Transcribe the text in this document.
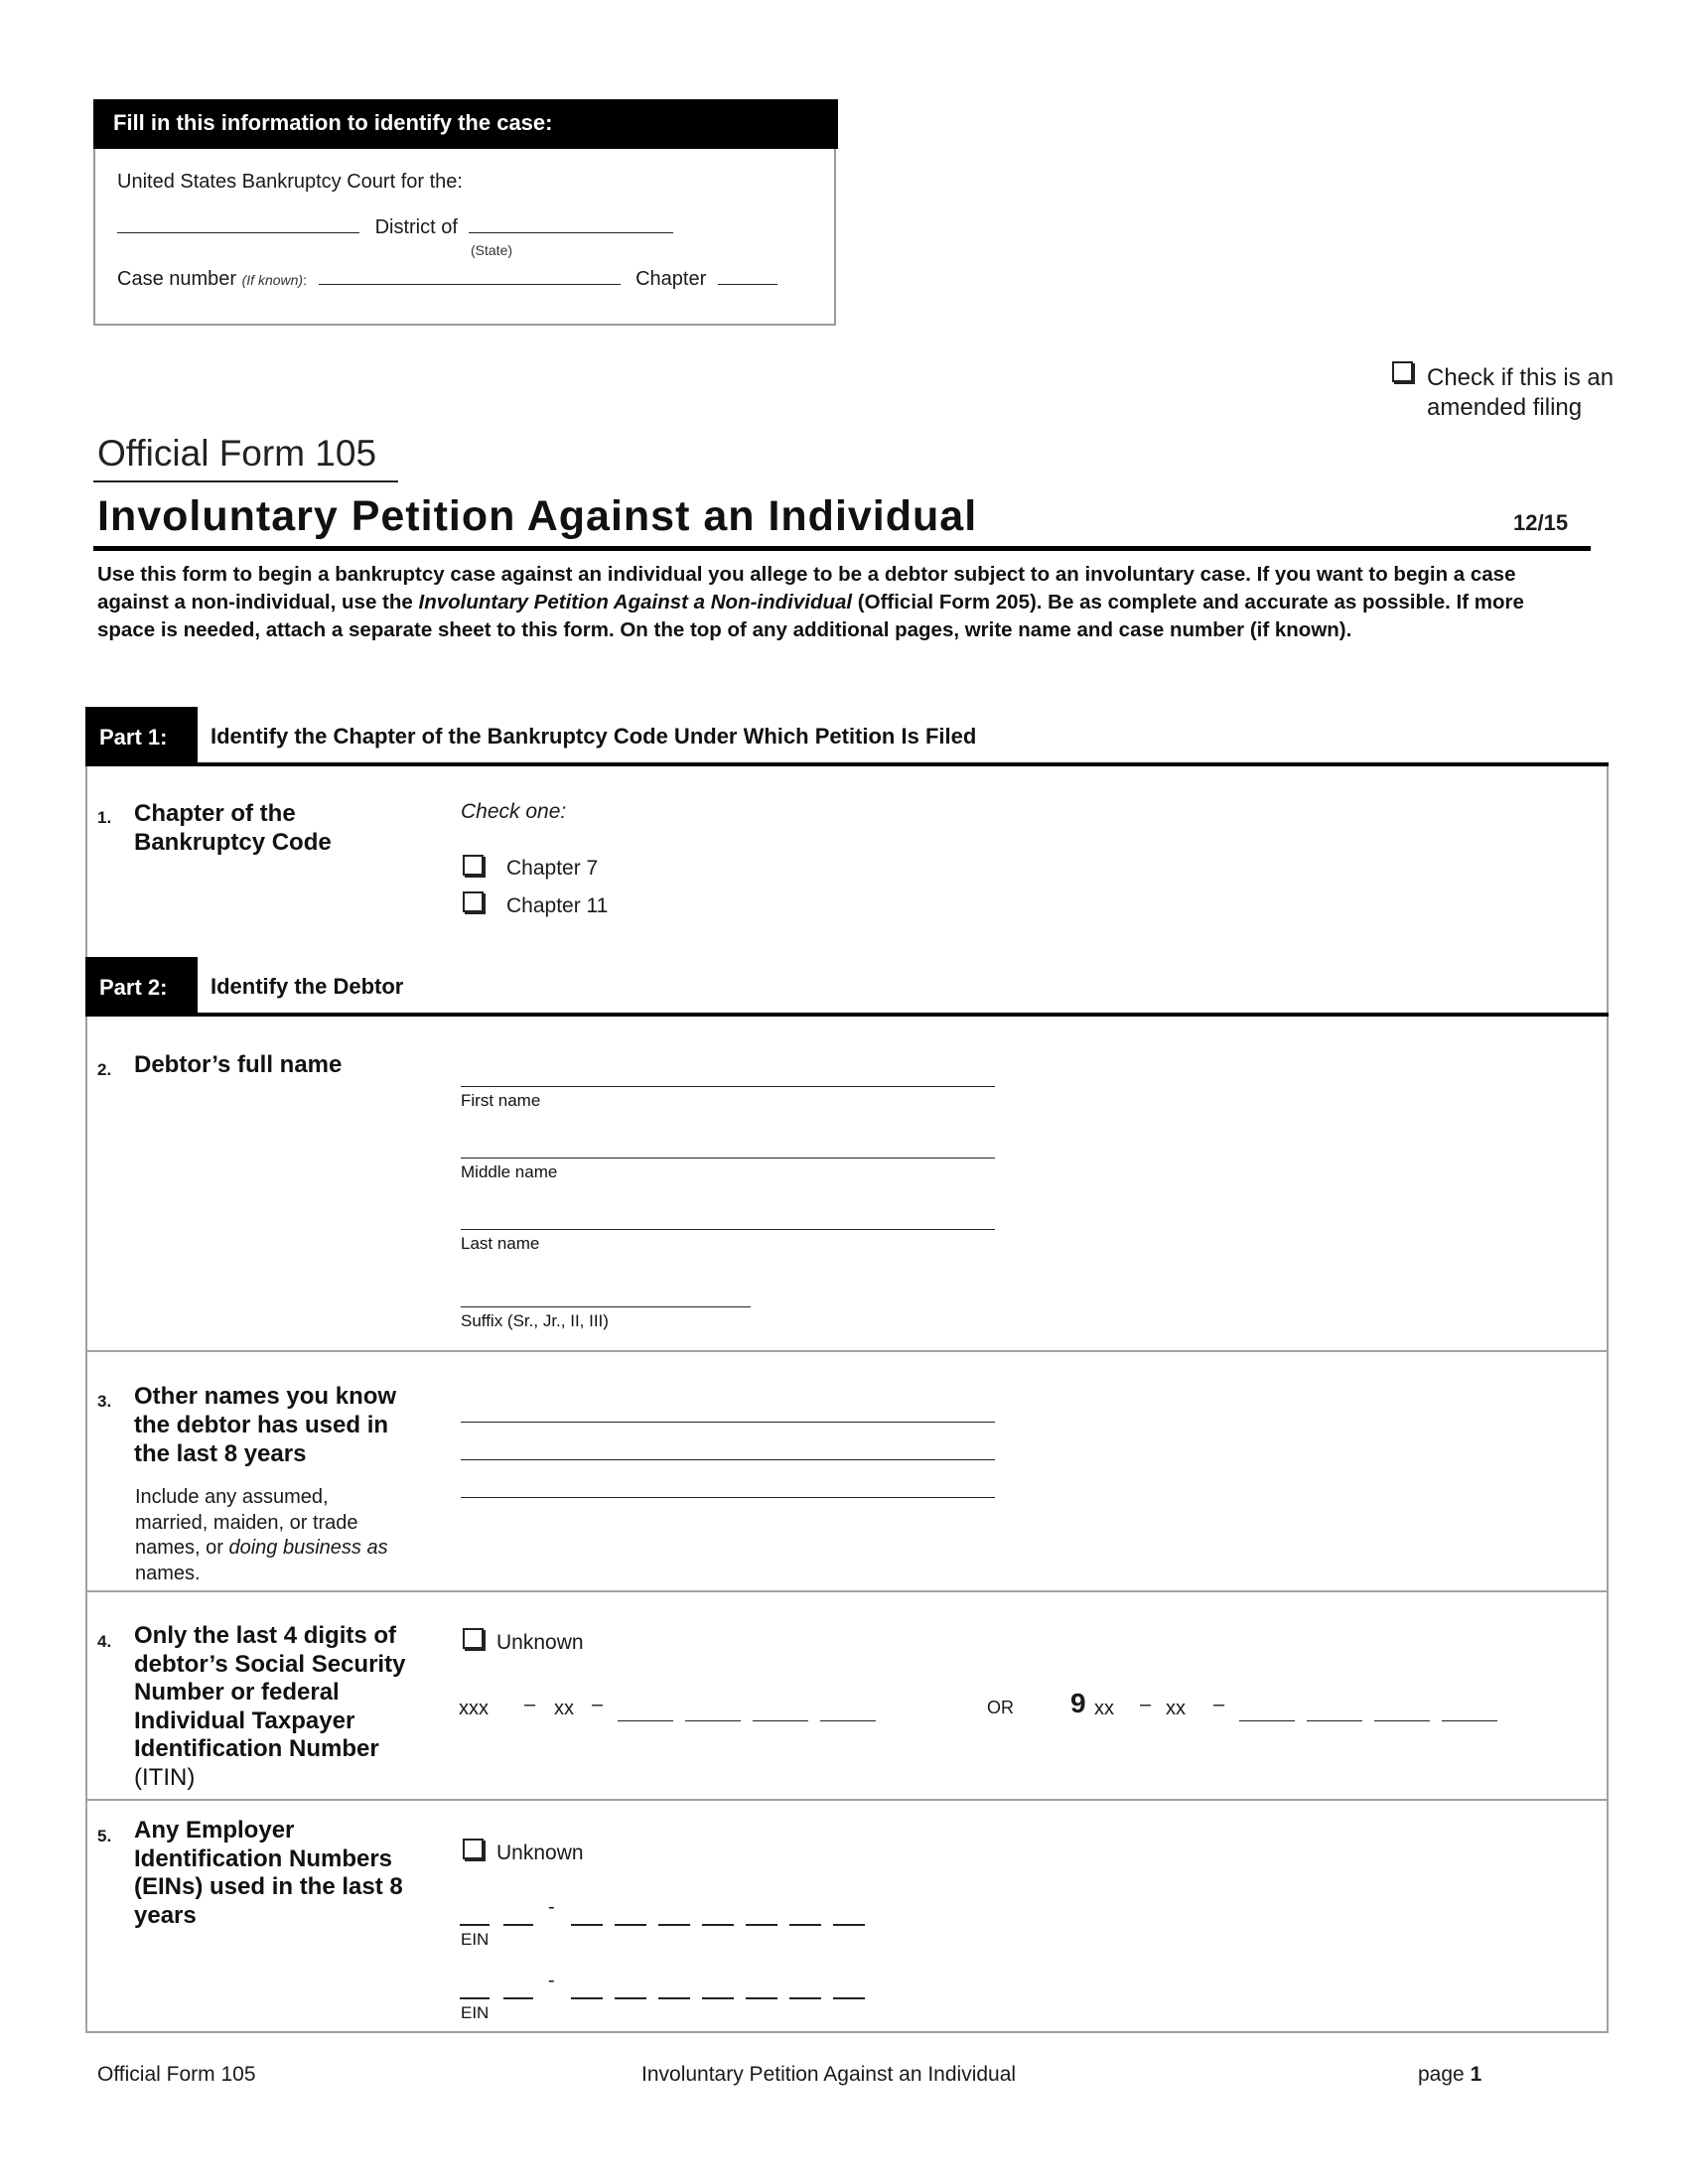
Fill in this information to identify the case:
United States Bankruptcy Court for the:
District of
(State)
Case number (If known):	Chapter
Check if this is an
amended filing
Official Form 105
Involuntary Petition Against an Individual	12/15
Use this form to begin a bankruptcy case against an individual you allege to be a debtor subject to an involuntary case. If you want to begin a case against a non-individual, use the Involuntary Petition Against a Non-individual (Official Form 205). Be as complete and accurate as possible. If more space is needed, attach a separate sheet to this form. On the top of any additional pages, write name and case number (if known).
Part 1:	Identify the Chapter of the Bankruptcy Code Under Which Petition Is Filed
1. Chapter of the
Bankruptcy Code
Check one:
Chapter 7
Chapter 11
Part 2:	Identify the Debtor
2. Debtor’s full name
First name
Middle name
Last name
Suffix (Sr., Jr., II, III)
3. Other names you know
the debtor has used in
the last 8 years
Include any assumed,
married, maiden, or trade
names, or doing business as
names.
4. Only the last 4 digits of
debtor’s Social Security
Number or federal
Individual Taxpayer
Identification Number
(ITIN)
Unknown
xxx – xx –	OR 9 xx – xx –
5. Any Employer
Identification Numbers
(EINs) used in the last 8
years
Unknown
-
EIN
-
EIN
Official Form 105	Involuntary Petition Against an Individual	page 1
